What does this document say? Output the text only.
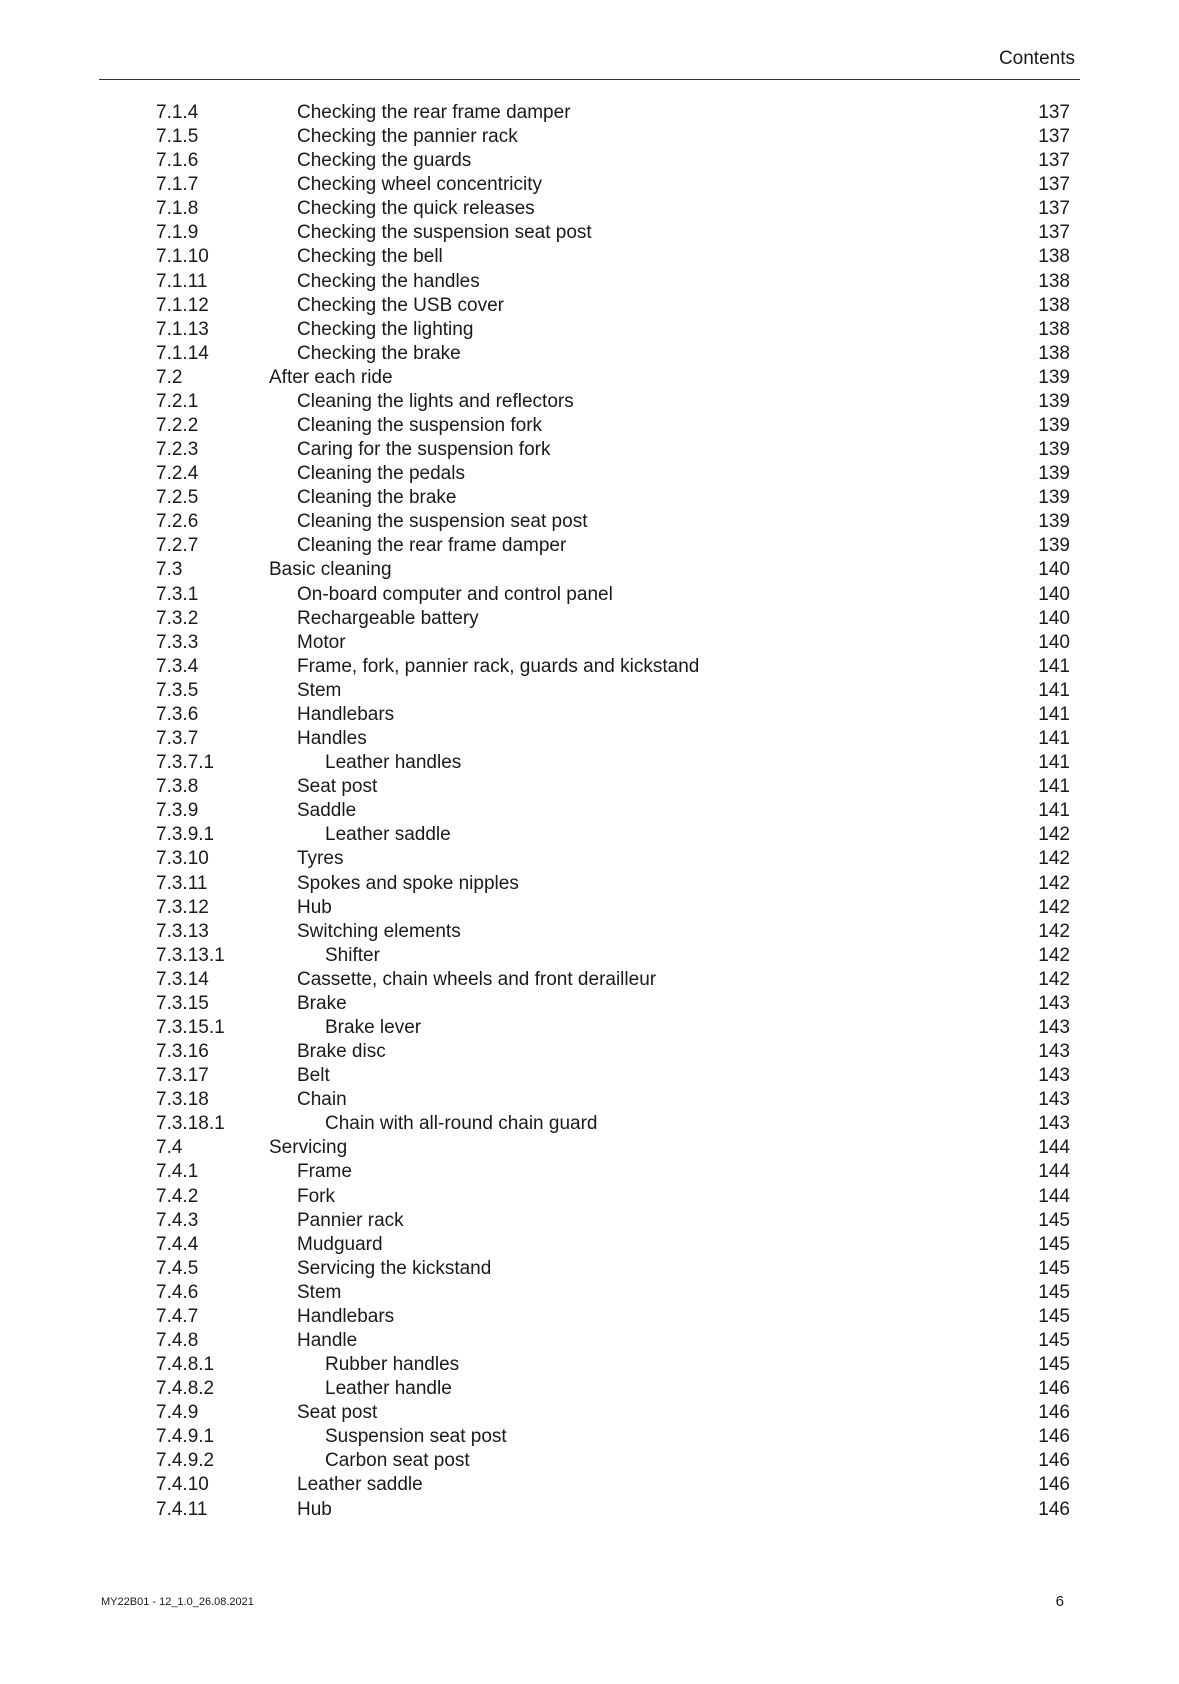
Contents
7.1.4	Checking the rear frame damper	137
7.1.5	Checking the pannier rack	137
7.1.6	Checking the guards	137
7.1.7	Checking wheel concentricity	137
7.1.8	Checking the quick releases	137
7.1.9	Checking the suspension seat post	137
7.1.10	Checking the bell	138
7.1.11	Checking the handles	138
7.1.12	Checking the USB cover	138
7.1.13	Checking the lighting	138
7.1.14	Checking the brake	138
7.2	After each ride	139
7.2.1	Cleaning the lights and reflectors	139
7.2.2	Cleaning the suspension fork	139
7.2.3	Caring for the suspension fork	139
7.2.4	Cleaning the pedals	139
7.2.5	Cleaning the brake	139
7.2.6	Cleaning the suspension seat post	139
7.2.7	Cleaning the rear frame damper	139
7.3	Basic cleaning	140
7.3.1	On-board computer and control panel	140
7.3.2	Rechargeable battery	140
7.3.3	Motor	140
7.3.4	Frame, fork, pannier rack, guards and kickstand	141
7.3.5	Stem	141
7.3.6	Handlebars	141
7.3.7	Handles	141
7.3.7.1	Leather handles	141
7.3.8	Seat post	141
7.3.9	Saddle	141
7.3.9.1	Leather saddle	142
7.3.10	Tyres	142
7.3.11	Spokes and spoke nipples	142
7.3.12	Hub	142
7.3.13	Switching elements	142
7.3.13.1	Shifter	142
7.3.14	Cassette, chain wheels and front derailleur	142
7.3.15	Brake	143
7.3.15.1	Brake lever	143
7.3.16	Brake disc	143
7.3.17	Belt	143
7.3.18	Chain	143
7.3.18.1	Chain with all-round chain guard	143
7.4	Servicing	144
7.4.1	Frame	144
7.4.2	Fork	144
7.4.3	Pannier rack	145
7.4.4	Mudguard	145
7.4.5	Servicing the kickstand	145
7.4.6	Stem	145
7.4.7	Handlebars	145
7.4.8	Handle	145
7.4.8.1	Rubber handles	145
7.4.8.2	Leather handle	146
7.4.9	Seat post	146
7.4.9.1	Suspension seat post	146
7.4.9.2	Carbon seat post	146
7.4.10	Leather saddle	146
7.4.11	Hub	146
MY22B01 - 12_1.0_26.08.2021	6
